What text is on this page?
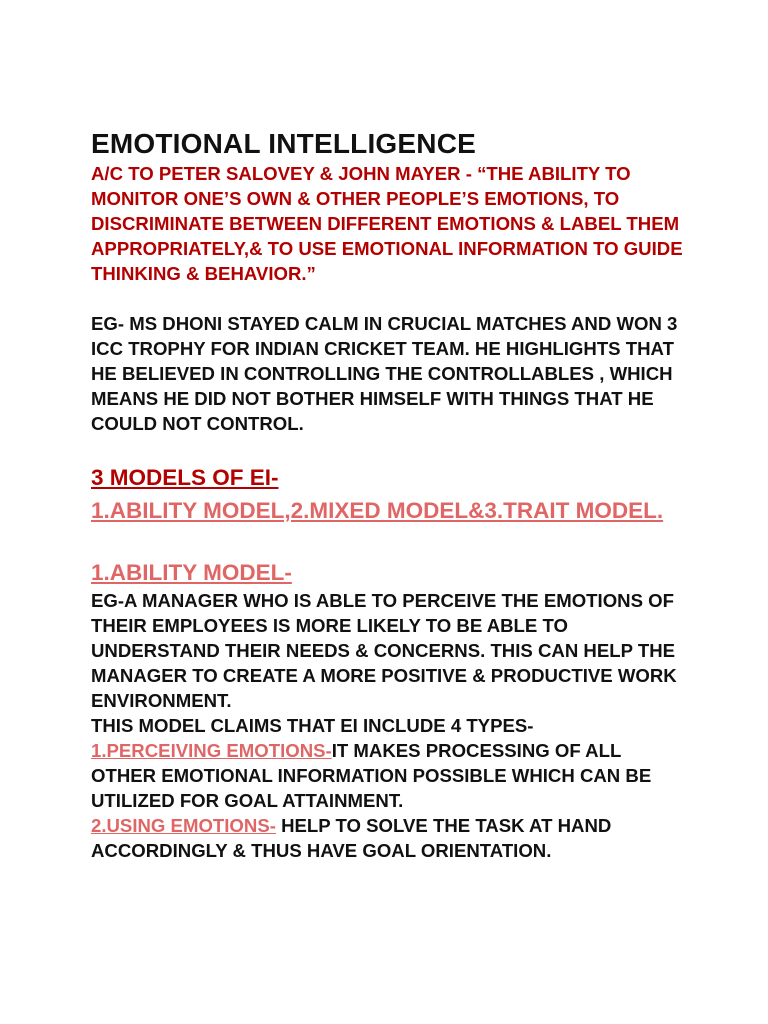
EMOTIONAL INTELLIGENCE

A/C TO PETER SALOVEY & JOHN MAYER - “THE ABILITY TO MONITOR ONE’S OWN & OTHER PEOPLE’S EMOTIONS, TO DISCRIMINATE BETWEEN DIFFERENT EMOTIONS & LABEL THEM APPROPRIATELY,& TO USE EMOTIONAL INFORMATION TO GUIDE THINKING & BEHAVIOR.”

EG- MS DHONI STAYED CALM IN CRUCIAL MATCHES AND WON 3 ICC TROPHY FOR INDIAN CRICKET TEAM. HE HIGHLIGHTS THAT HE BELIEVED IN CONTROLLING THE CONTROLLABLES , WHICH MEANS HE DID NOT BOTHER HIMSELF WITH THINGS THAT HE COULD NOT CONTROL.

3 MODELS OF EI-
1.ABILITY MODEL,2.MIXED MODEL&3.TRAIT MODEL.
1.ABILITY MODEL-

EG-A MANAGER WHO IS ABLE TO PERCEIVE THE EMOTIONS OF THEIR EMPLOYEES IS MORE LIKELY TO BE ABLE TO UNDERSTAND THEIR NEEDS & CONCERNS. THIS CAN HELP THE MANAGER TO CREATE A MORE POSITIVE & PRODUCTIVE WORK ENVIRONMENT.

THIS MODEL CLAIMS THAT EI INCLUDE 4 TYPES-

1.PERCEIVING EMOTIONS-IT MAKES PROCESSING OF ALL OTHER EMOTIONAL INFORMATION POSSIBLE WHICH CAN BE UTILIZED FOR GOAL ATTAINMENT.

2.USING EMOTIONS- HELP TO SOLVE THE TASK AT HAND ACCORDINGLY & THUS HAVE GOAL ORIENTATION.
